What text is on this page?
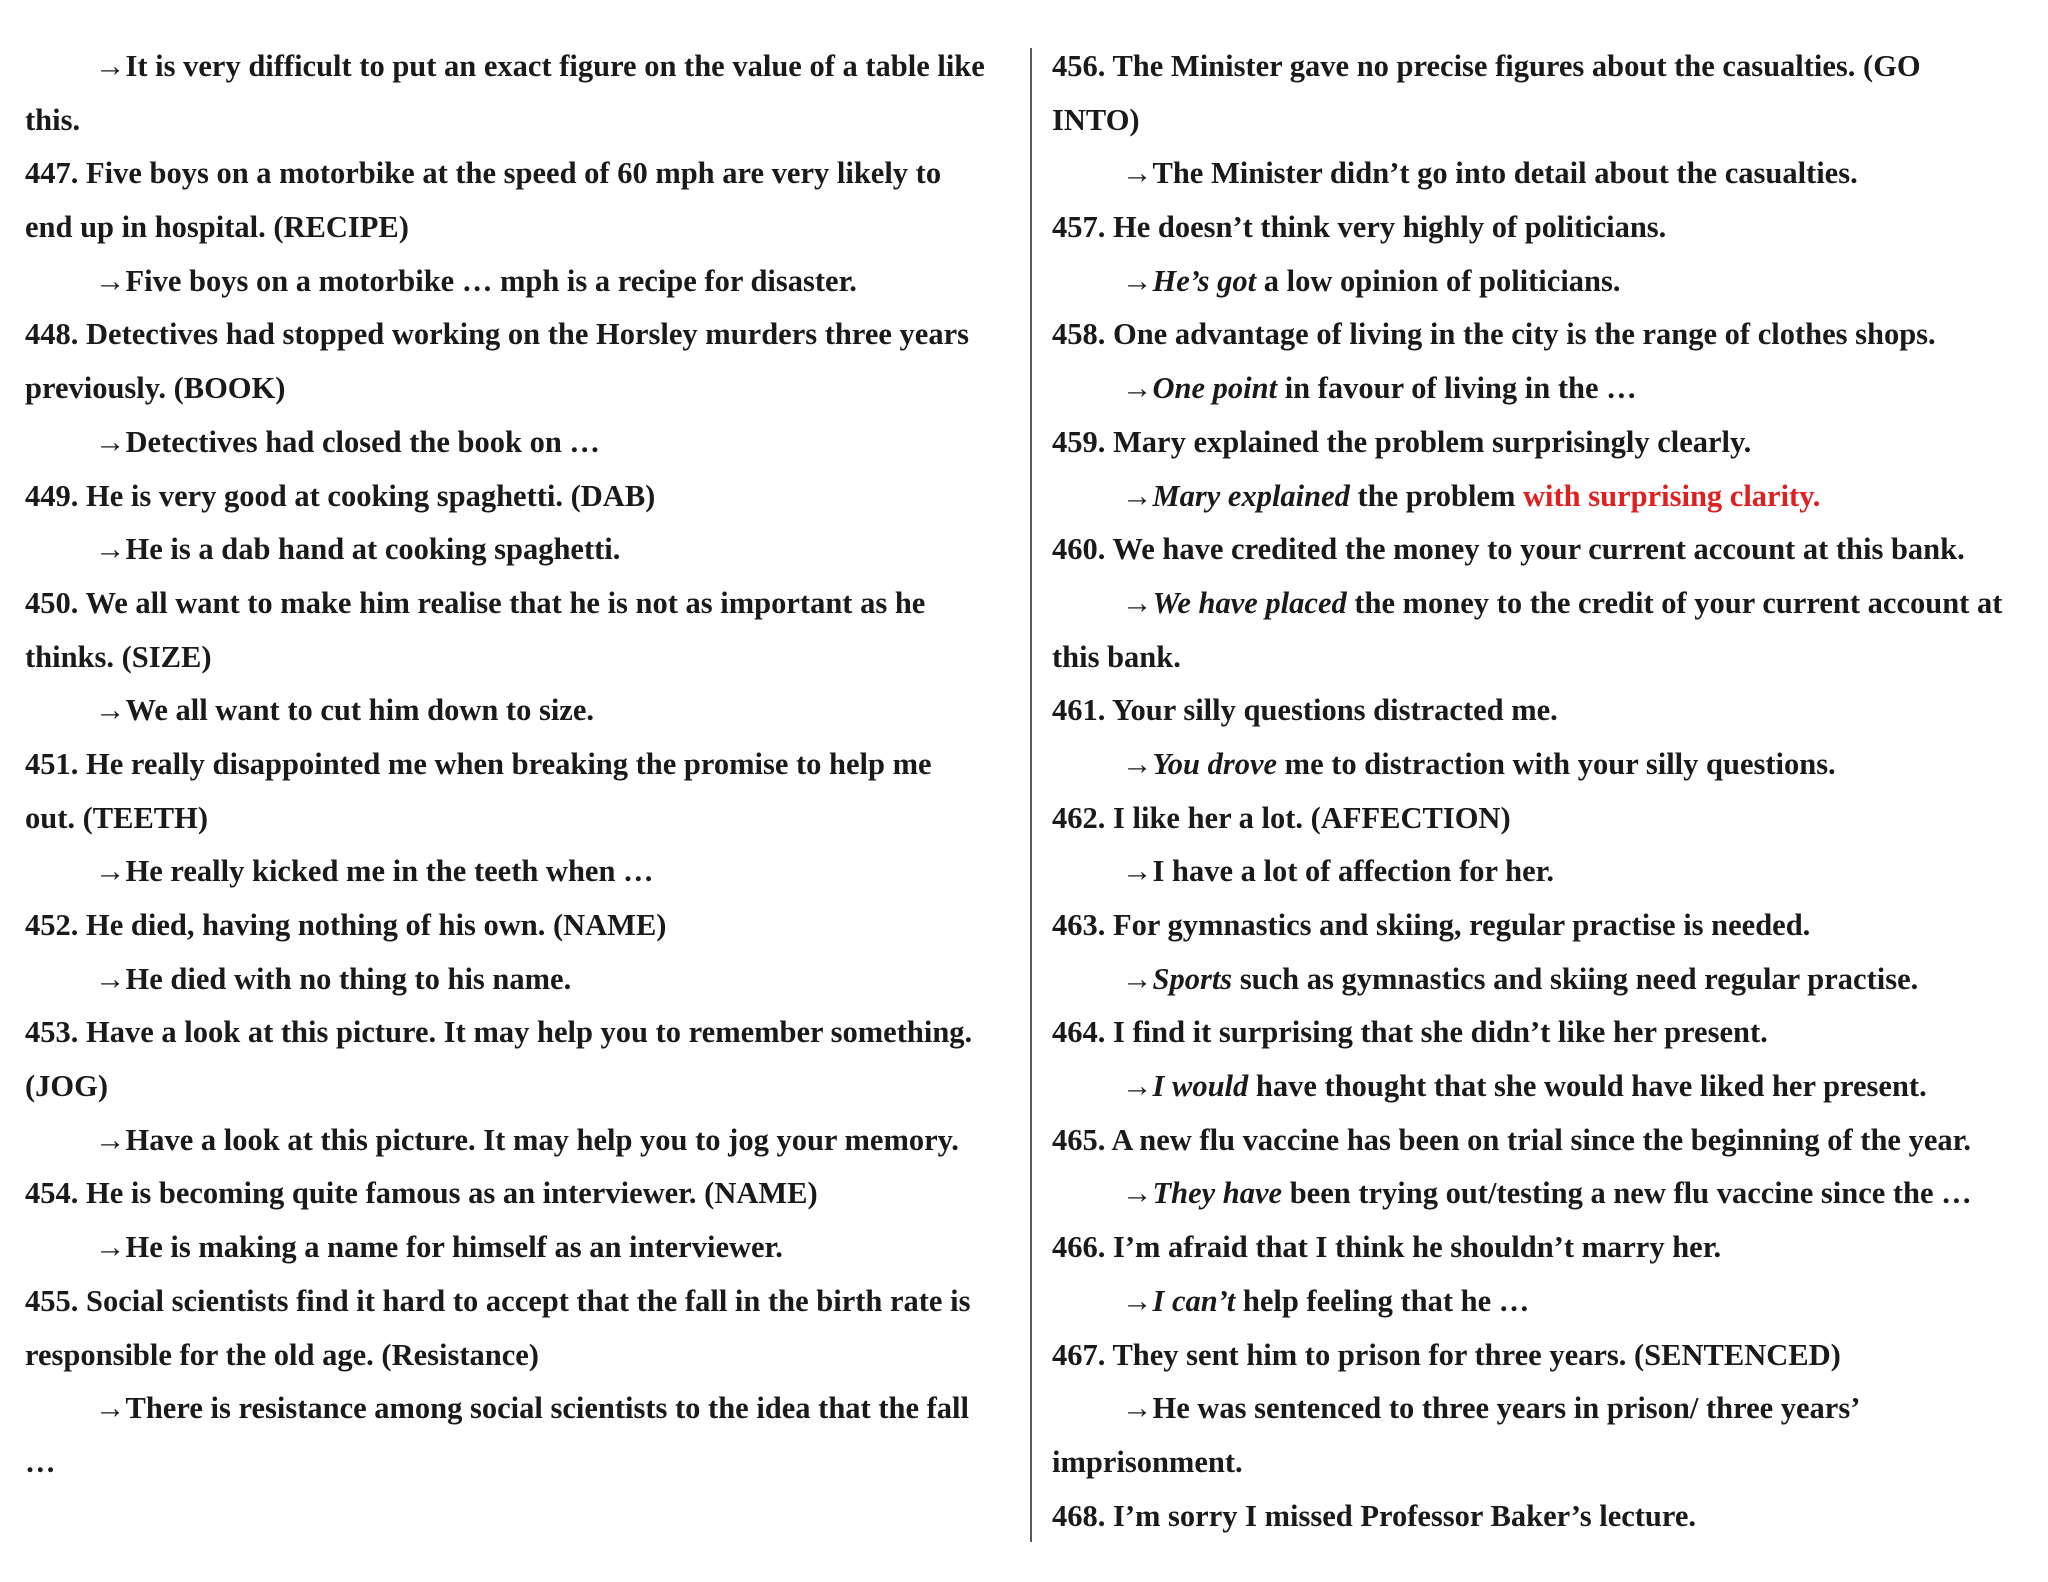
→It is very difficult to put an exact figure on the value of a table like
this.
447. Five boys on a motorbike at the speed of 60 mph are very likely to
end up in hospital. (RECIPE)
→Five boys on a motorbike … mph is a recipe for disaster.
448. Detectives had stopped working on the Horsley murders three years
previously. (BOOK)
→Detectives had closed the book on …
449. He is very good at cooking spaghetti. (DAB)
→He is a dab hand at cooking spaghetti.
450. We all want to make him realise that he is not as important as he
thinks. (SIZE)
→We all want to cut him down to size.
451. He really disappointed me when breaking the promise to help me
out. (TEETH)
→He really kicked me in the teeth when …
452. He died, having nothing of his own. (NAME)
→He died with no thing to his name.
453. Have a look at this picture. It may help you to remember something.
(JOG)
→Have a look at this picture. It may help you to jog your memory.
454. He is becoming quite famous as an interviewer. (NAME)
→He is making a name for himself as an interviewer.
455. Social scientists find it hard to accept that the fall in the birth rate is
responsible for the old age. (Resistance)
→There is resistance among social scientists to the idea that the fall
…
456. The Minister gave no precise figures about the casualties. (GO
INTO)
→The Minister didn’t go into detail about the casualties.
457. He doesn’t think very highly of politicians.
→He’s got a low opinion of politicians.
458. One advantage of living in the city is the range of clothes shops.
→One point in favour of living in the …
459. Mary explained the problem surprisingly clearly.
→Mary explained the problem with surprising clarity.
460. We have credited the money to your current account at this bank.
→We have placed the money to the credit of your current account at
this bank.
461. Your silly questions distracted me.
→You drove me to distraction with your silly questions.
462. I like her a lot. (AFFECTION)
→I have a lot of affection for her.
463. For gymnastics and skiing, regular practise is needed.
→Sports such as gymnastics and skiing need regular practise.
464. I find it surprising that she didn’t like her present.
→I would have thought that she would have liked her present.
465. A new flu vaccine has been on trial since the beginning of the year.
→They have been trying out/testing a new flu vaccine since the …
466. I’m afraid that I think he shouldn’t marry her.
→I can’t help feeling that he …
467. They sent him to prison for three years. (SENTENCED)
→He was sentenced to three years in prison/ three years’
imprisonment.
468. I’m sorry I missed Professor Baker’s lecture.
